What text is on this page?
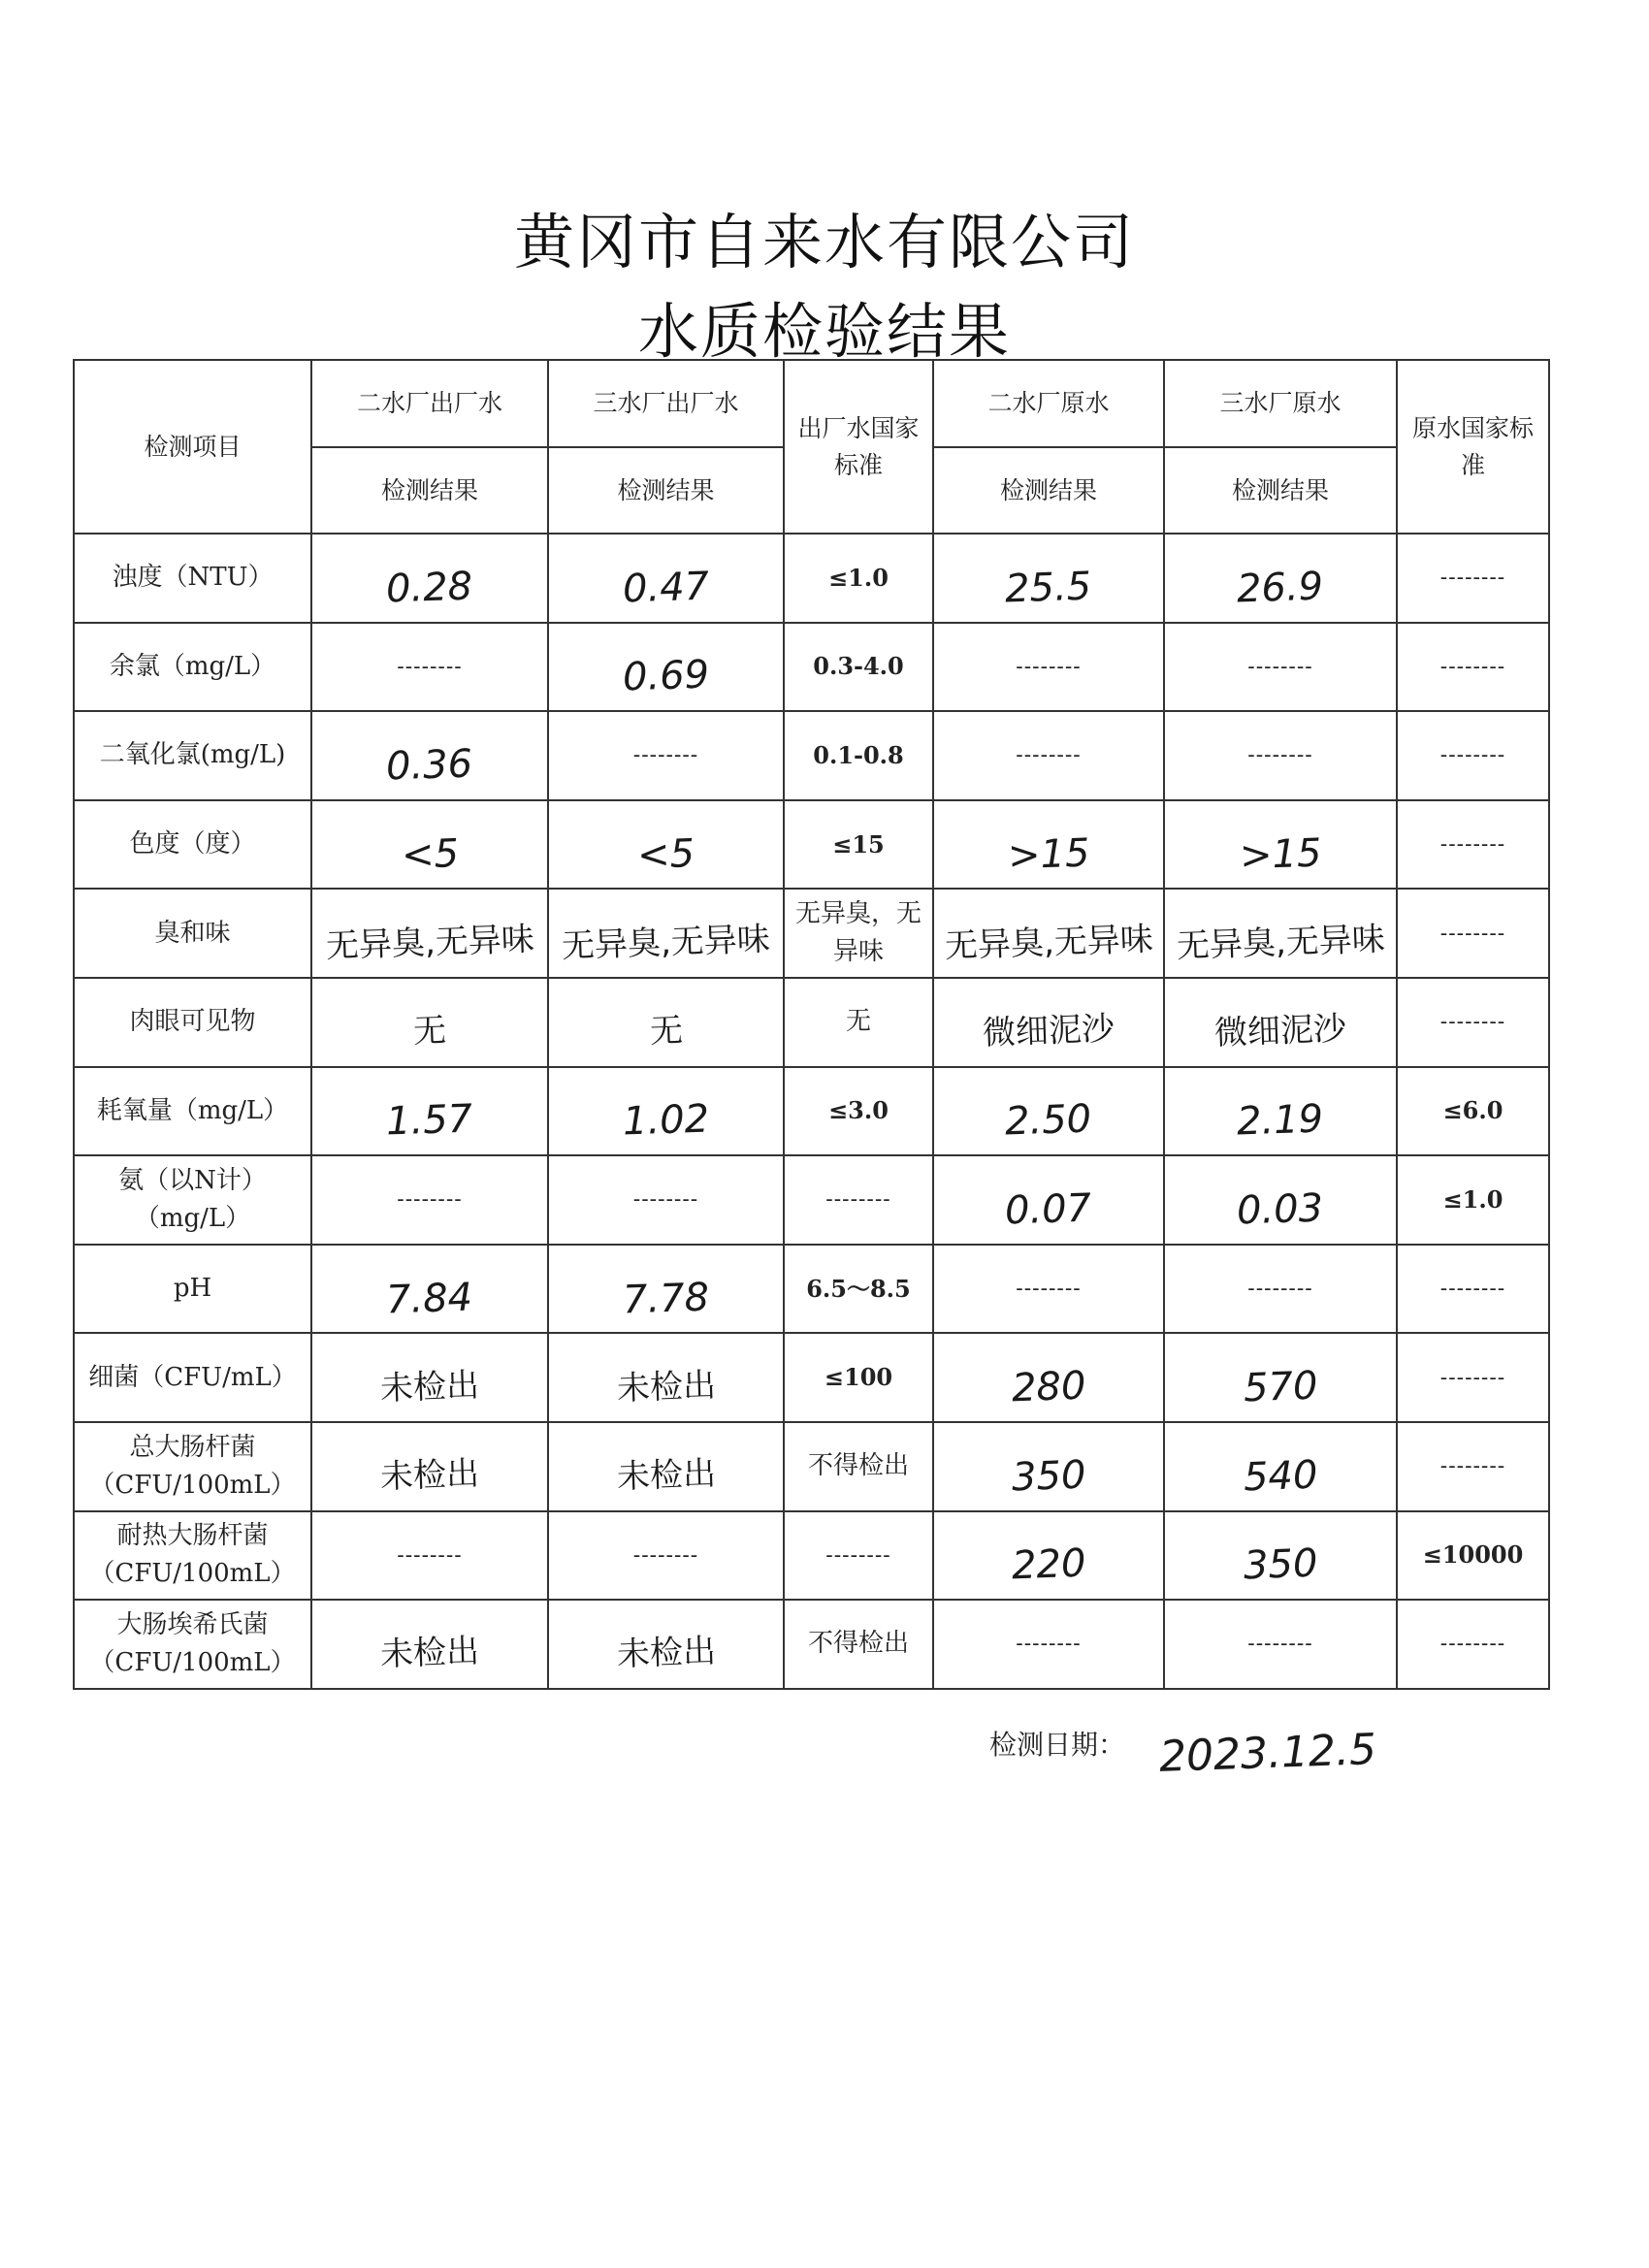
黄冈市自来水有限公司
水质检验结果
检测项目	二水厂出厂水	三水厂出厂水	出厂水国家标准	二水厂原水	三水厂原水	原水国家标准
	检测结果	检测结果		检测结果	检测结果	
浊度（NTU）	0.28	0.47	≤1.0	25.5	26.9	--------
余氯（mg/L）	--------	0.69	0.3-4.0	--------	--------	--------
二氧化氯(mg/L)	0.36	--------	0.1-0.8	--------	--------	--------
色度（度）	<5	<5	≤15	>15	>15	--------
臭和味	无异臭,无异味	无异臭,无异味	无异臭，无异味	无异臭,无异味	无异臭,无异味	--------
肉眼可见物	无	无	无	微细泥沙	微细泥沙	--------
耗氧量（mg/L）	1.57	1.02	≤3.0	2.50	2.19	≤6.0
氨（以N计）（mg/L）	--------	--------	--------	0.07	0.03	≤1.0
pH	7.84	7.78	6.5～8.5	--------	--------	--------
细菌（CFU/mL）	未检出	未检出	≤100	280	570	--------
总大肠杆菌（CFU/100mL）	未检出	未检出	不得检出	350	540	--------
耐热大肠杆菌（CFU/100mL）	--------	--------	--------	220	350	≤10000
大肠埃希氏菌（CFU/100mL）	未检出	未检出	不得检出	--------	--------	--------
检测日期： 2023.12.5
